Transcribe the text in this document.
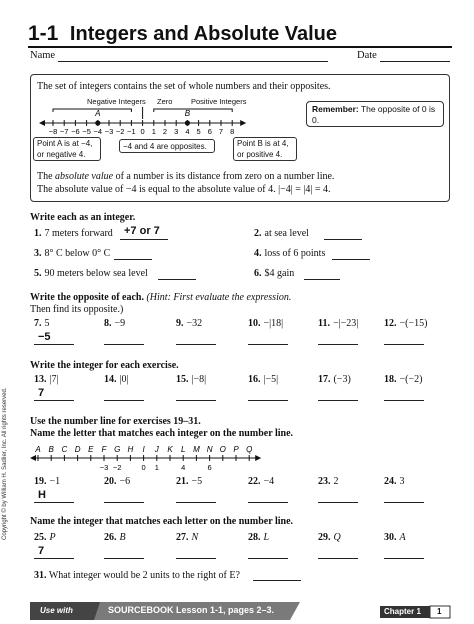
1-1 Integers and Absolute Value
Name	Date
The set of integers contains the set of whole numbers and their opposites.
Negative Integers Zero Positive Integers
−8 −7 −6 −5 −4 −3 −2 −1 0 1 2 3 4 5 6 7 8
A	B	Remember: The opposite of 0 is 0.
Point A is at −4, or negative 4.
−4 and 4 are opposites.	Point B is at 4, or positive 4.
The absolute value of a number is its distance from zero on a number line.
The absolute value of −4 is equal to the absolute value of 4. |−4| = |4| = 4.
Write each as an integer.
1. 7 meters forward +7 or 7	2. at sea level
3. 8° C below 0° C	4. loss of 6 points
5. 90 meters below sea level	6. $4 gain
Write the opposite of each. (Hint: First evaluate the expression.
Then find its opposite.)
7. 5
−5
8. −9	9. −32	10. −|18|	11. −|−23|	12. −(−15)
Write the integer for each exercise.
13. |7|
7
14. |0|	15. |−8|	16. |−5|	17. (−3)	18. −(−2)
Use the number line for exercises 19–31.
Name the letter that matches each integer on the number line.
A B C D E F G H I J K L M N O P Q
−3 −2	0 1	4	6
19. −1
H
20. −6	21. −5	22. −4	23. 2	24. 3
Name the integer that matches each letter on the number line.
25. P
7
26. B	27. N	28. L	29. Q	30. A
31. What integer would be 2 units to the right of E?
Copyright © by William H. Sadlier, Inc. All rights reserved.
Use with	SOURCEBOOK Lesson 1-1, pages 2–3.	Chapter 1 1
